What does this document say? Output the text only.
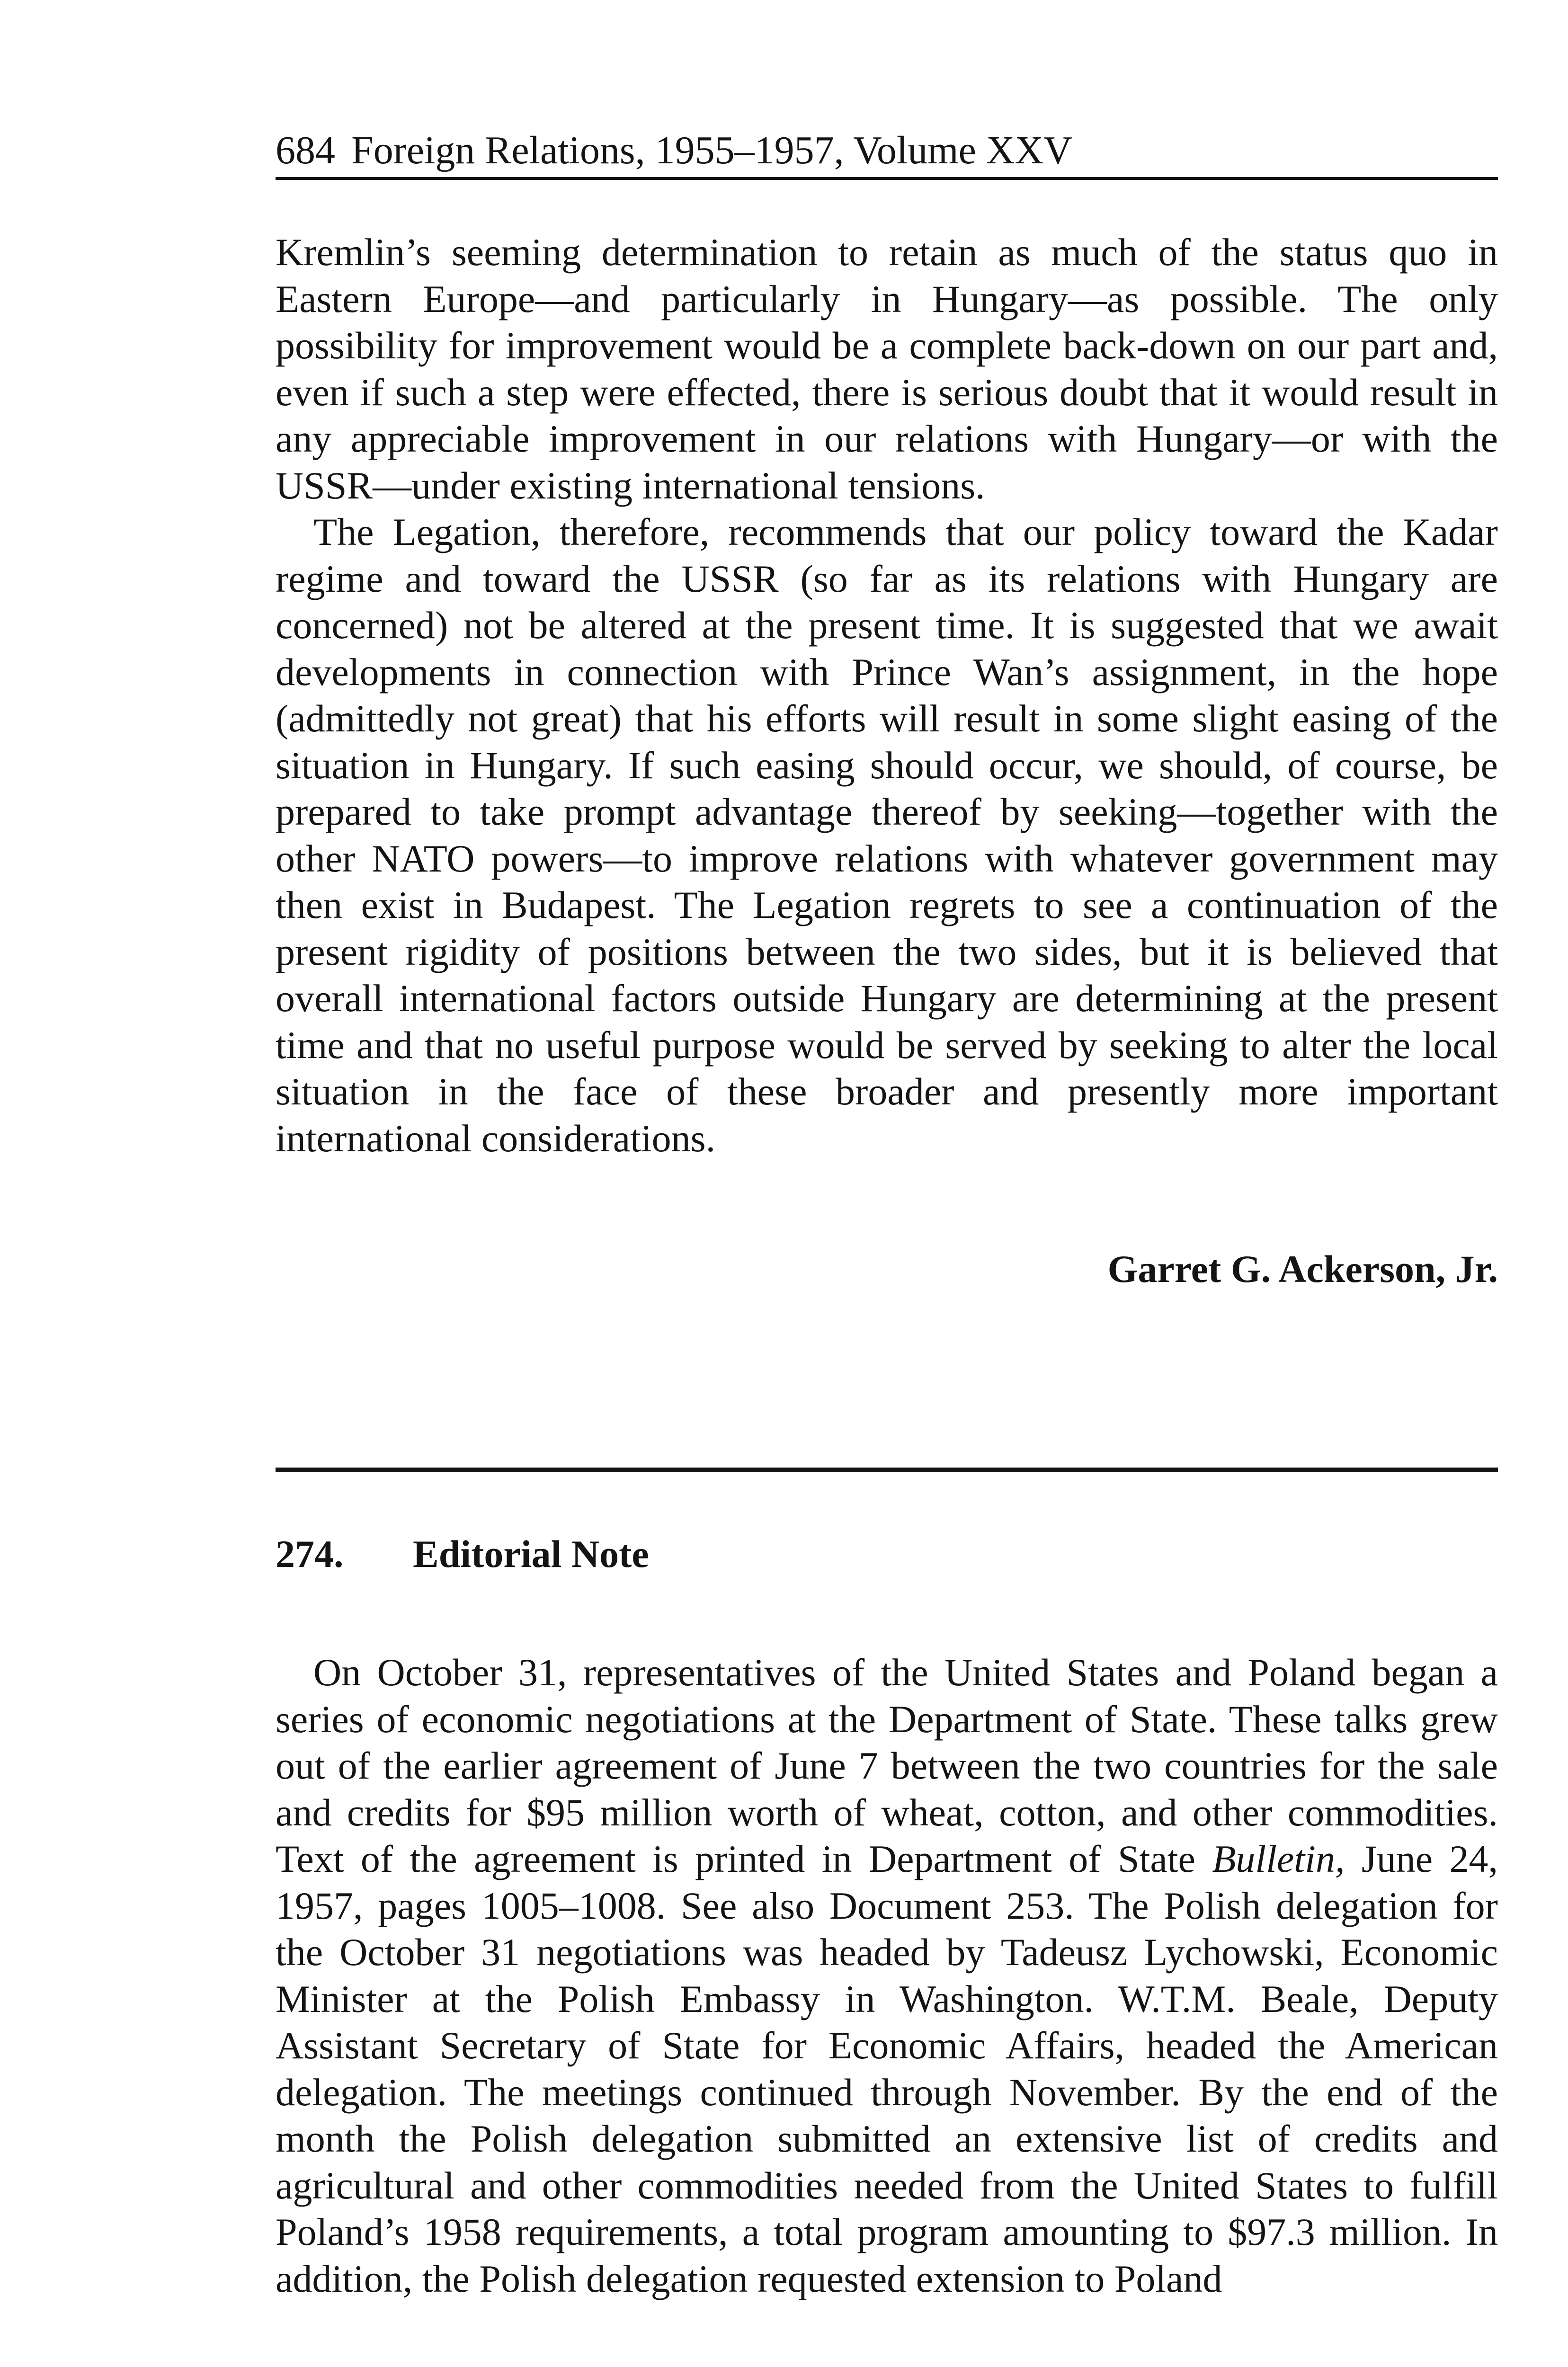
684 Foreign Relations, 1955–1957, Volume XXV

Kremlin’s seeming determination to retain as much of the status quo in Eastern Europe—and particularly in Hungary—as possible. The only possibility for improvement would be a complete back-down on our part and, even if such a step were effected, there is serious doubt that it would result in any appreciable improvement in our relations with Hungary—or with the USSR—under existing international tensions.

The Legation, therefore, recommends that our policy toward the Kadar regime and toward the USSR (so far as its relations with Hungary are concerned) not be altered at the present time. It is suggested that we await developments in connection with Prince Wan’s assignment, in the hope (admittedly not great) that his efforts will result in some slight easing of the situation in Hungary. If such easing should occur, we should, of course, be prepared to take prompt advantage thereof by seeking—together with the other NATO powers—to improve relations with whatever government may then exist in Budapest. The Legation regrets to see a continuation of the present rigidity of positions between the two sides, but it is believed that overall international factors outside Hungary are determining at the present time and that no useful purpose would be served by seeking to alter the local situation in the face of these broader and presently more important international considerations.

Garret G. Ackerson, Jr.
274. Editorial Note

On October 31, representatives of the United States and Poland began a series of economic negotiations at the Department of State. These talks grew out of the earlier agreement of June 7 between the two countries for the sale and credits for $95 million worth of wheat, cotton, and other commodities. Text of the agreement is printed in Department of State Bulletin, June 24, 1957, pages 1005–1008. See also Document 253. The Polish delegation for the October 31 negotiations was headed by Tadeusz Lychowski, Economic Minister at the Polish Embassy in Washington. W.T.M. Beale, Deputy Assistant Secretary of State for Economic Affairs, headed the American delegation. The meetings continued through November. By the end of the month the Polish delegation submitted an extensive list of credits and agricultural and other commodities needed from the United States to fulfill Poland’s 1958 requirements, a total program amounting to $97.3 million. In addition, the Polish delegation requested extension to Poland
